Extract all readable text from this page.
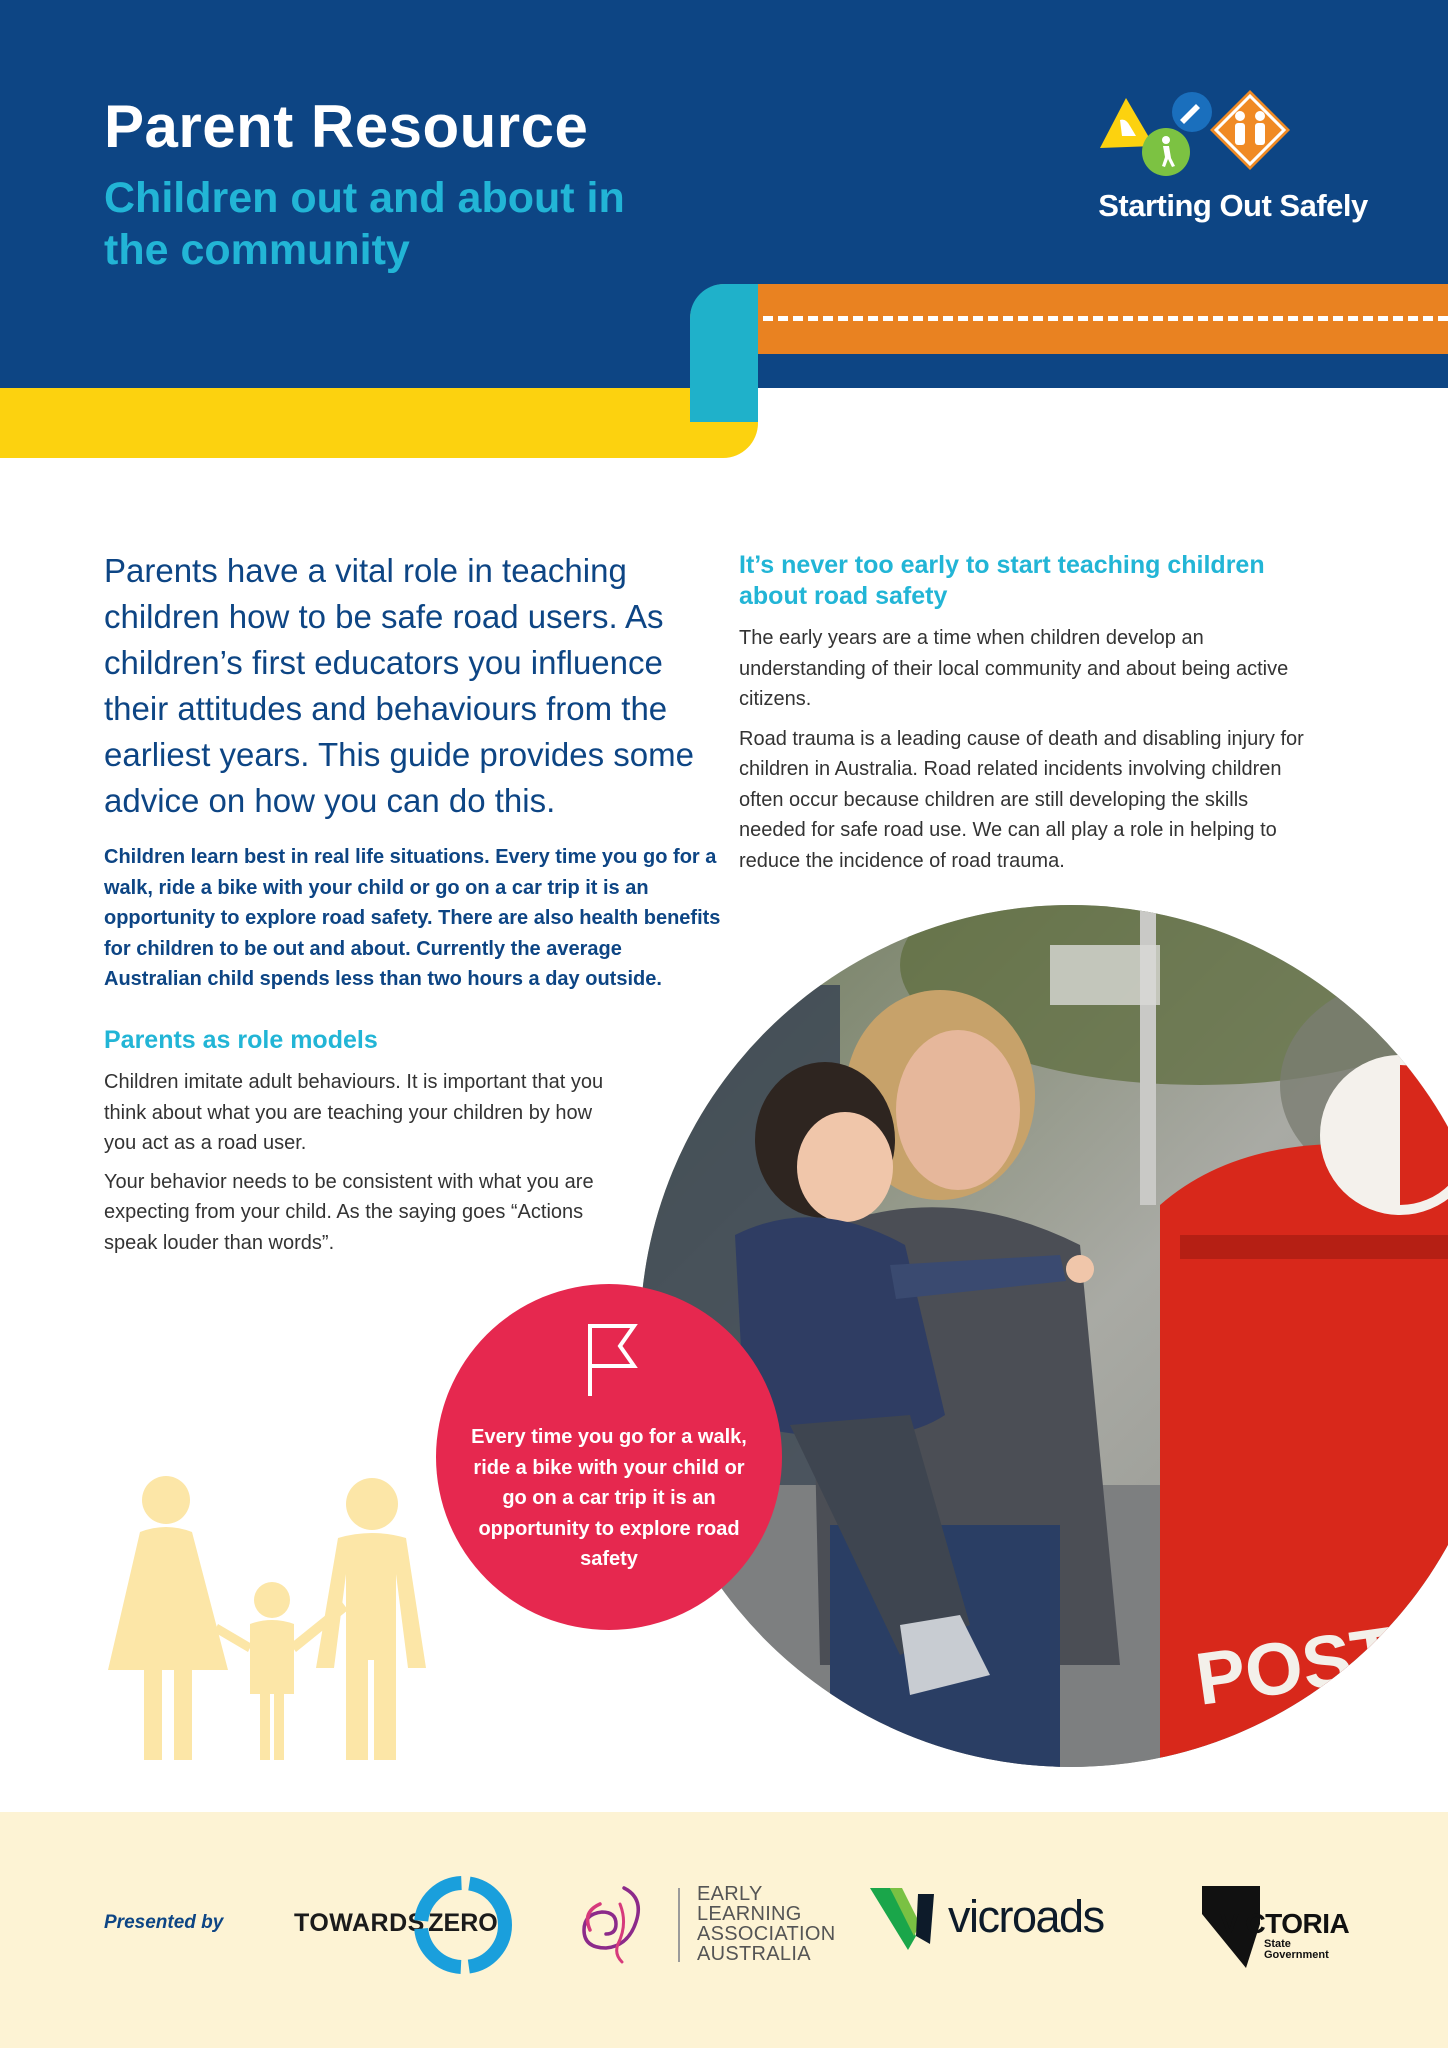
Parent Resource
Children out and about in the community
Starting Out Safely

Parents have a vital role in teaching children how to be safe road users. As children’s first educators you influence their attitudes and behaviours from the earliest years. This guide provides some advice on how you can do this.

Children learn best in real life situations. Every time you go for a walk, ride a bike with your child or go on a car trip it is an opportunity to explore road safety. There are also health benefits for children to be out and about. Currently the average Australian child spends less than two hours a day outside.

Parents as role models

Children imitate adult behaviours. It is important that you think about what you are teaching your children by how you act as a road user.

Your behavior needs to be consistent with what you are expecting from your child. As the saying goes “Actions speak louder than words”.

It’s never too early to start teaching children about road safety

The early years are a time when children develop an understanding of their local community and about being active citizens.

Road trauma is a leading cause of death and disabling injury for children in Australia. Road related incidents involving children often occur because children are still developing the skills needed for safe road use. We can all play a role in helping to reduce the incidence of road trauma.

POST

Every time you go for a walk, ride a bike with your child or go on a car trip it is an opportunity to explore road safety

Presented by	TOWARDS ZERO
EARLY
LEARNING
ASSOCIATION
AUSTRALIA
vicroads	VICTORIA
State
Government
